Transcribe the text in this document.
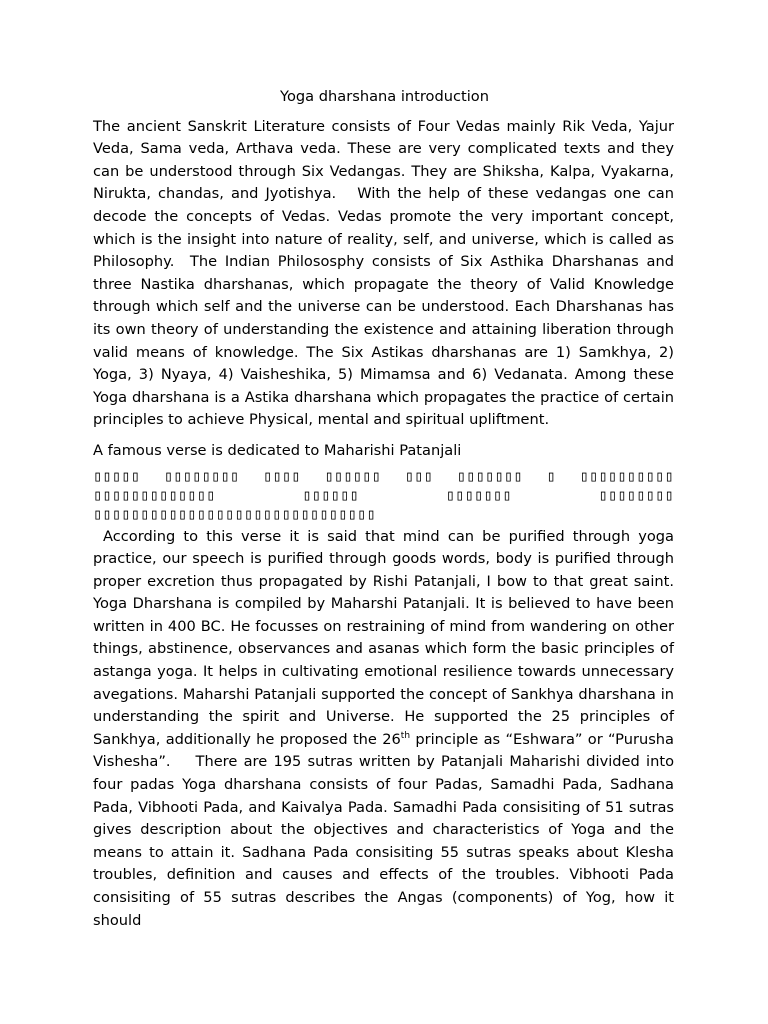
Yoga dharshana introduction

The ancient Sanskrit Literature consists of Four Vedas mainly Rik Veda, Yajur Veda, Sama veda, Arthava veda. These are very complicated texts and they can be understood through Six Vedangas. They are Shiksha, Kalpa, Vyakarna, Nirukta, chandas, and Jyotishya.   With the help of these vedangas one can decode the concepts of Vedas. Vedas promote the very important concept, which is the insight into nature of reality, self, and universe, which is called as Philosophy.  The Indian Philososphy consists of Six Asthika Dharshanas and three Nastika dharshanas, which propagate the theory of Valid Knowledge through which self and the universe can be understood. Each Dharshanas has its own theory of understanding the existence and attaining liberation through valid means of knowledge. The Six Astikas dharshanas are 1) Samkhya, 2) Yoga, 3) Nyaya, 4) Vaisheshika, 5) Mimamsa and 6) Vedanata. Among these Yoga dharshana is a Astika dharshana which propagates the practice of certain principles to achieve Physical, mental and spiritual upliftment.

A famous verse is dedicated to Maharishi Patanjali

▯▯▯▯▯ ▯▯▯▯▯▯▯▯ ▯▯▯▯ ▯▯▯▯▯▯ ▯▯▯ ▯▯▯▯▯▯▯ ▯ ▯▯▯▯▯▯▯▯▯▯
▯▯▯▯▯▯▯▯▯▯▯▯▯	▯▯▯▯▯▯	▯▯▯▯▯▯▯	▯▯▯▯▯▯▯▯
▯▯▯▯▯▯▯▯▯▯▯▯▯▯▯▯▯▯▯▯▯▯▯▯▯▯▯▯▯▯

According to this verse it is said that mind can be purified through yoga practice, our speech is purified through goods words, body is purified through proper excretion thus propagated by Rishi Patanjali, I bow to that great saint. Yoga Dharshana is compiled by Maharshi Patanjali. It is believed to have been written in 400 BC. He focusses on restraining of mind from wandering on other things, abstinence, observances and asanas which form the basic principles of astanga yoga. It helps in cultivating emotional resilience towards unnecessary avegations. Maharshi Patanjali supported the concept of Sankhya dharshana in understanding the spirit and Universe. He supported the 25 principles of Sankhya, additionally he proposed the 26th principle as “Eshwara” or “Purusha Vishesha”.    There are 195 sutras written by Patanjali Maharishi divided into four padas Yoga dharshana consists of four Padas, Samadhi Pada, Sadhana Pada, Vibhooti Pada, and Kaivalya Pada. Samadhi Pada consisiting of 51 sutras gives description about the objectives and characteristics of Yoga and the means to attain it. Sadhana Pada consisiting 55 sutras speaks about Klesha troubles, definition and causes and effects of the troubles. Vibhooti Pada consisiting of 55 sutras describes the Angas (components) of Yog, how it should
